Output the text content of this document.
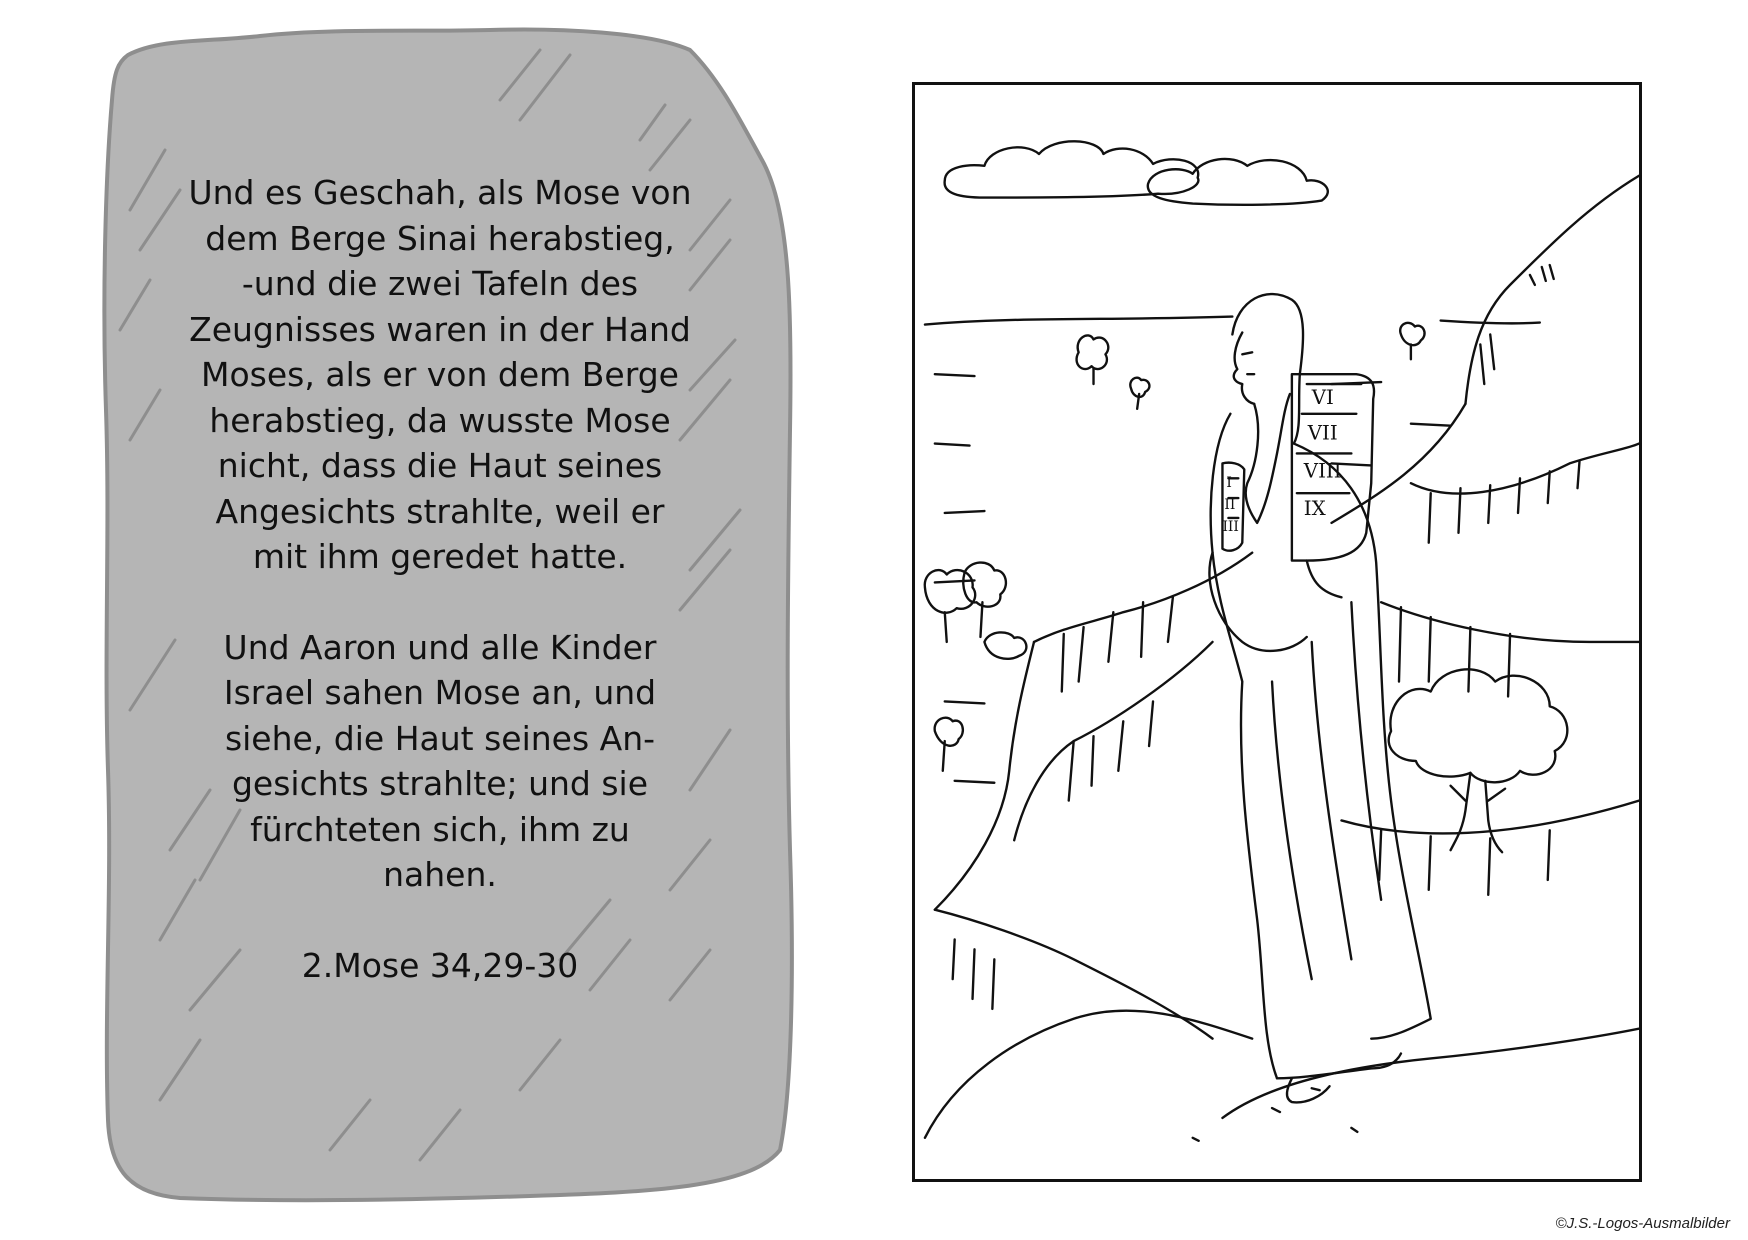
Und es Geschah, als Mose von
dem Berge Sinai herabstieg,
-und die zwei Tafeln des
Zeugnisses waren in der Hand
Moses, als er von dem Berge
herabstieg, da wusste Mose
nicht, dass die Haut seines
Angesichts strahlte, weil er
mit ihm geredet hatte.
Und Aaron und alle Kinder
Israel sahen Mose an, und
siehe, die Haut seines An-
gesichts strahlte; und sie
fürchteten sich, ihm zu
nahen.
2.Mose 34,29-30
VI
VII
VIII
IX
I
II
III
©J.S.-Logos-Ausmalbilder
